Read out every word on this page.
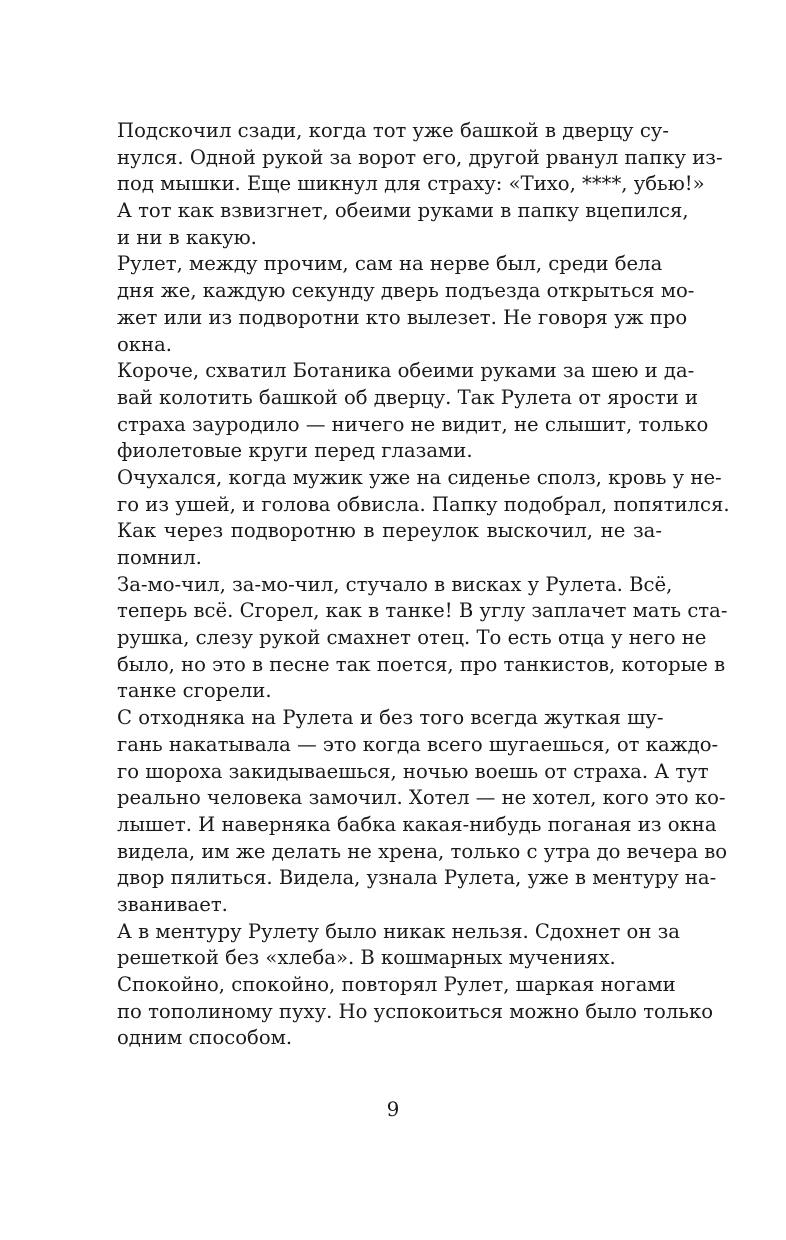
Подскочил сзади, когда тот уже башкой в дверцу су-
нулся. Одной рукой за ворот его, другой рванул папку из-
под мышки. Еще шикнул для страху: «Тихо, ****, убью!»
А тот как взвизгнет, обеими руками в папку вцепился,
и ни в какую.
Рулет, между прочим, сам на нерве был, среди бела
дня же, каждую секунду дверь подъезда открыться мо-
жет или из подворотни кто вылезет. Не говоря уж про
окна.
Короче, схватил Ботаника обеими руками за шею и да-
вай колотить башкой об дверцу. Так Рулета от ярости и
страха заурoдило — ничего не видит, не слышит, только
фиолетовые круги перед глазами.
Очухался, когда мужик уже на сиденье сполз, кровь у не-
го из ушей, и голова обвисла. Папку подобрал, попятился.
Как через подворотню в переулок выскочил, не за-
помнил.
За-мо-чил, за-мо-чил, стучало в висках у Рулета. Всё,
теперь всё. Сгорел, как в танке! В углу заплачет мать ста-
рушка, слезу рукой смахнет отец. То есть отца у него не
было, но это в песне так поется, про танкистов, которые в
танке сгорели.
С отходняка на Рулета и без того всегда жуткая шу-
гань накатывала — это когда всего шугаешься, от каждо-
го шороха закидываешься, ночью воешь от страха. А тут
реально человека замочил. Хотел — не хотел, кого это ко-
лышет. И наверняка бабка какая-нибудь поганая из окна
видела, им же делать не хрена, только с утра до вечера во
двор пялиться. Видела, узнала Рулета, уже в ментуру на-
званивает.
А в ментуру Рулету было никак нельзя. Сдохнет он за
решеткой без «хлеба». В кошмарных мучениях.
Спокойно, спокойно, повторял Рулет, шаркая ногами
по тополиному пуху. Но успокоиться можно было только
одним способом.
9
